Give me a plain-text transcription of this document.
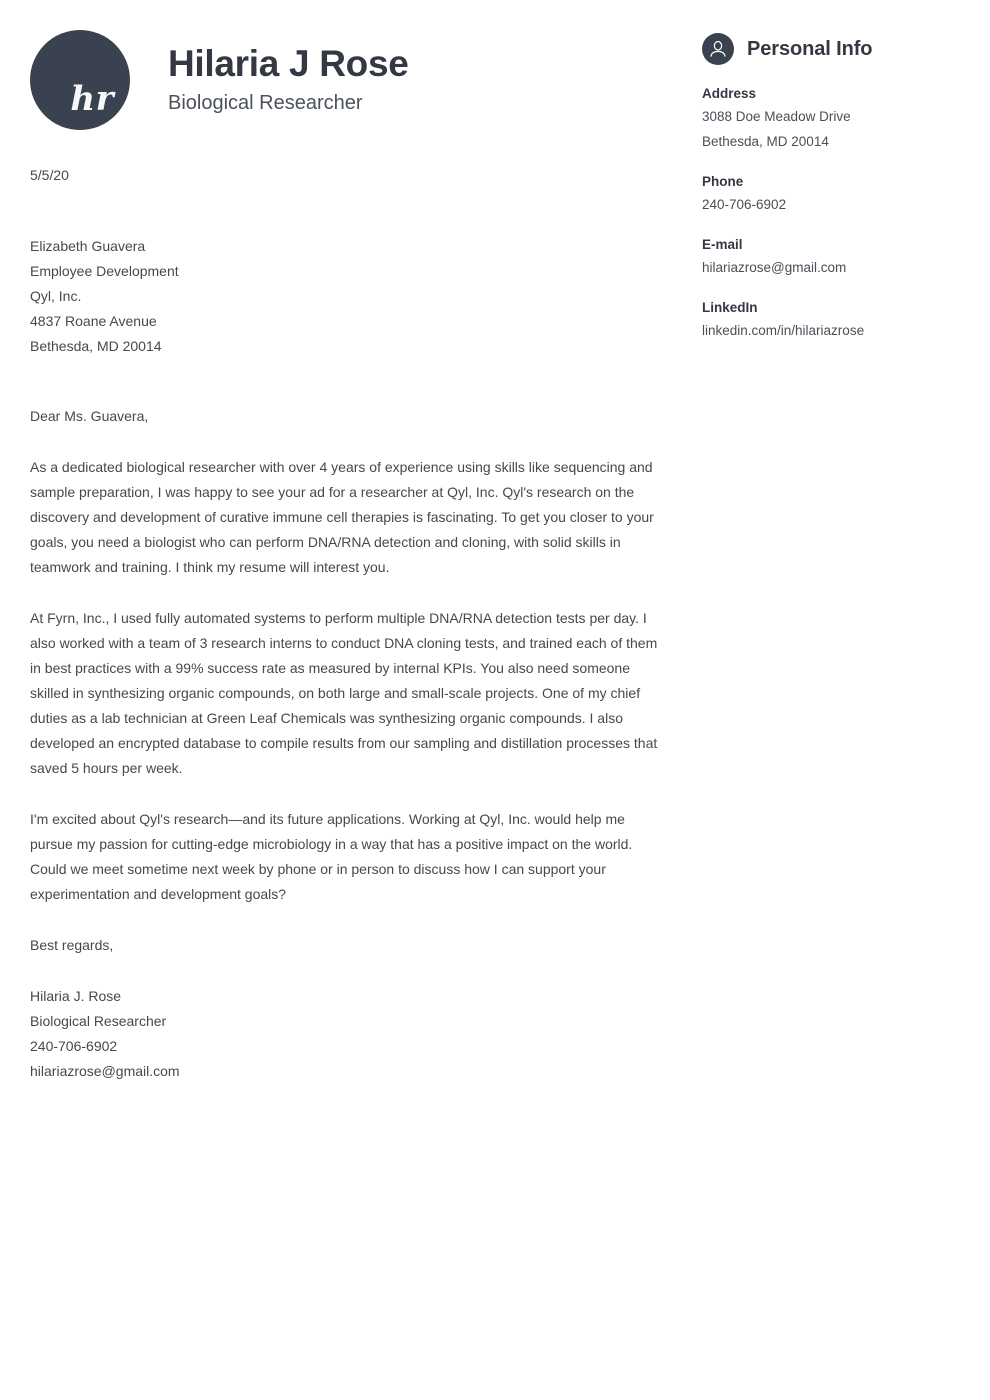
hr
Hilaria J Rose
Biological Researcher
5/5/20
Elizabeth Guavera
Employee Development
Qyl, Inc.
4837 Roane Avenue
Bethesda, MD 20014
Dear Ms. Guavera,

As a dedicated biological researcher with over 4 years of experience using skills like sequencing and sample preparation, I was happy to see your ad for a researcher at Qyl, Inc. Qyl's research on the discovery and development of curative immune cell therapies is fascinating. To get you closer to your goals, you need a biologist who can perform DNA/RNA detection and cloning, with solid skills in teamwork and training. I think my resume will interest you.

At Fyrn, Inc., I used fully automated systems to perform multiple DNA/RNA detection tests per day. I also worked with a team of 3 research interns to conduct DNA cloning tests, and trained each of them in best practices with a 99% success rate as measured by internal KPIs. You also need someone skilled in synthesizing organic compounds, on both large and small-scale projects. One of my chief duties as a lab technician at Green Leaf Chemicals was synthesizing organic compounds. I also developed an encrypted database to compile results from our sampling and distillation processes that saved 5 hours per week.

I'm excited about Qyl's research—and its future applications. Working at Qyl, Inc. would help me pursue my passion for cutting-edge microbiology in a way that has a positive impact on the world. Could we meet sometime next week by phone or in person to discuss how I can support your experimentation and development goals?

Best regards,
Hilaria J. Rose
Biological Researcher
240-706-6902
hilariazrose@gmail.com
Personal Info
Address
3088 Doe Meadow Drive
Bethesda, MD 20014
Phone
240-706-6902
E-mail
hilariazrose@gmail.com
LinkedIn
linkedin.com/in/hilariazrose
